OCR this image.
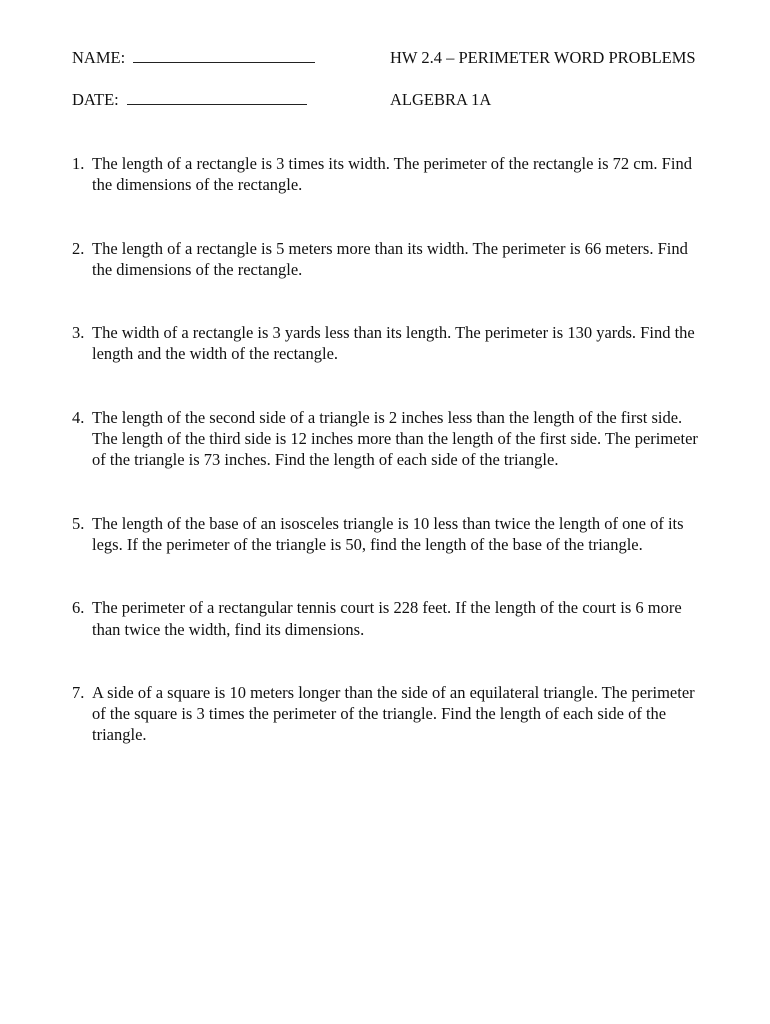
NAME:
DATE:
HW 2.4 – PERIMETER WORD PROBLEMS
ALGEBRA 1A
1. The length of a rectangle is 3 times its width. The perimeter of the rectangle is 72 cm. Find the dimensions of the rectangle.
2. The length of a rectangle is 5 meters more than its width. The perimeter is 66 meters. Find the dimensions of the rectangle.
3. The width of a rectangle is 3 yards less than its length. The perimeter is 130 yards. Find the length and the width of the rectangle.
4. The length of the second side of a triangle is 2 inches less than the length of the first side. The length of the third side is 12 inches more than the length of the first side. The perimeter of the triangle is 73 inches. Find the length of each side of the triangle.
5. The length of the base of an isosceles triangle is 10 less than twice the length of one of its legs. If the perimeter of the triangle is 50, find the length of the base of the triangle.
6. The perimeter of a rectangular tennis court is 228 feet. If the length of the court is 6 more than twice the width, find its dimensions.
7. A side of a square is 10 meters longer than the side of an equilateral triangle. The perimeter of the square is 3 times the perimeter of the triangle. Find the length of each side of the triangle.
